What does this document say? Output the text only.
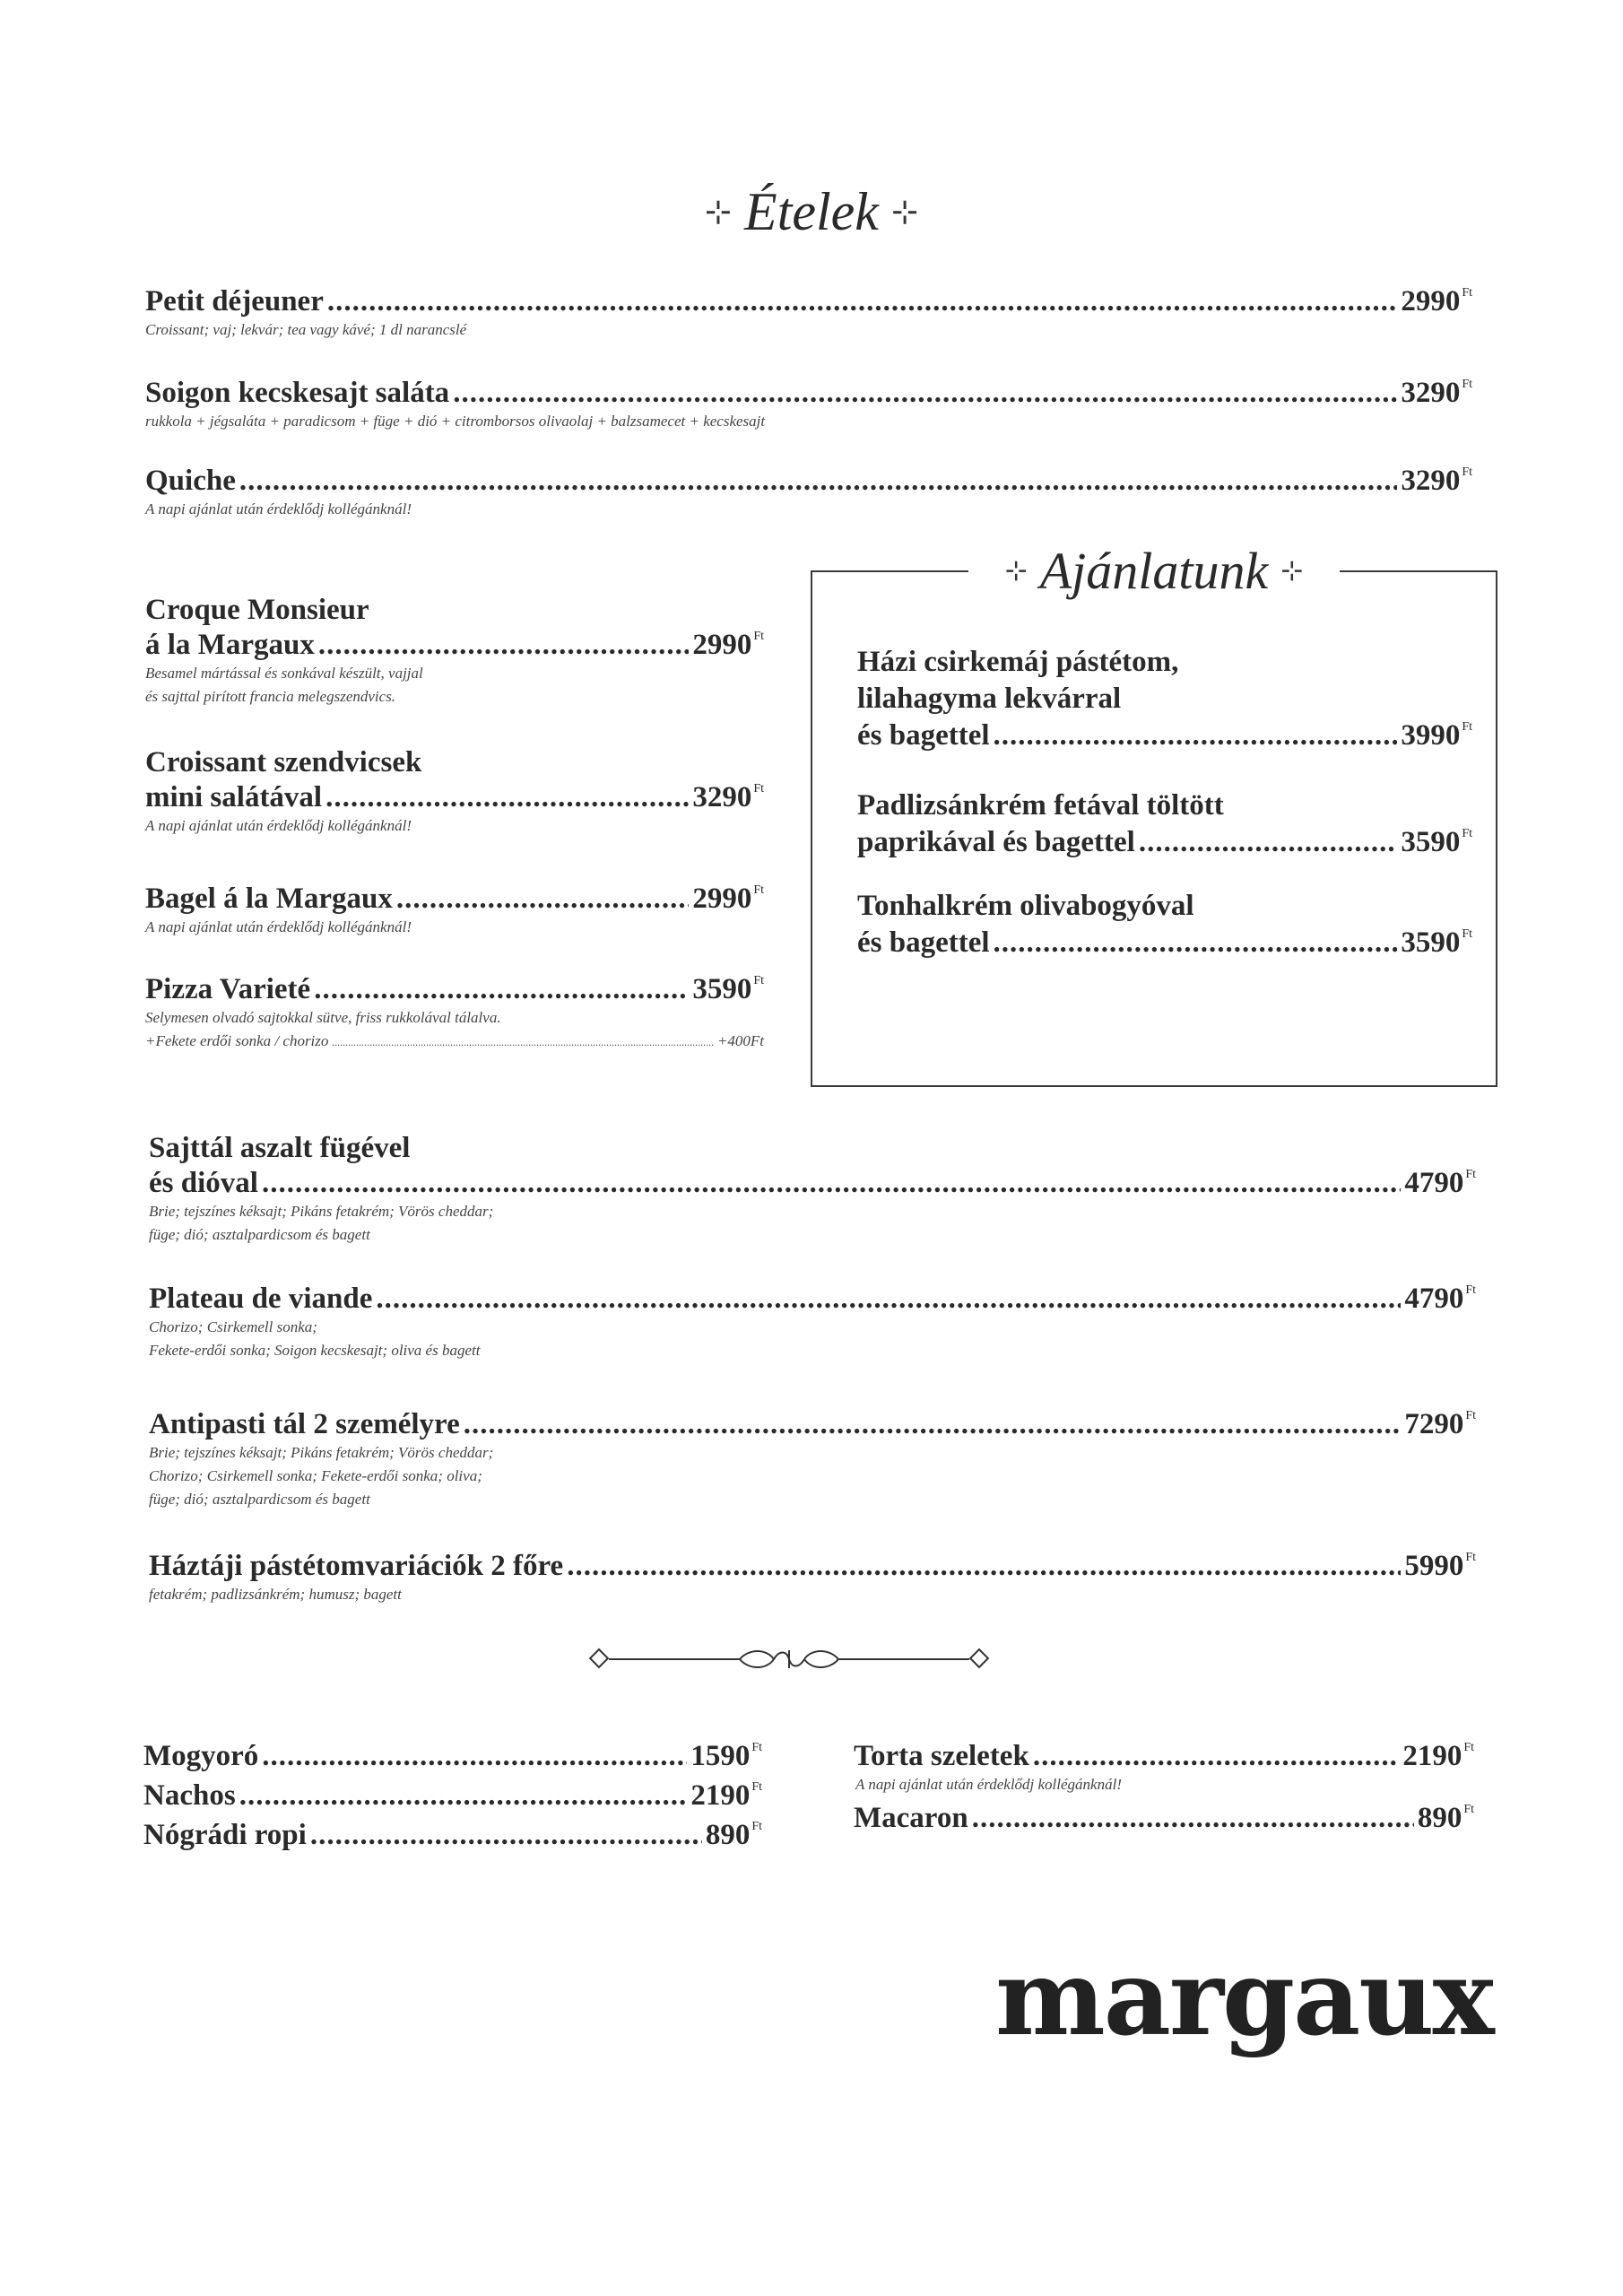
⊹ Ételek ⊹
Petit déjeuner .....	2990 $^{Ft}$
Croissant; vaj; lekvár; tea vagy kávé; 1 dl narancslé
Soigon kecskesajt saláta .....	3290 $^{Ft}$
rukkola + jégsaláta + paradicsom + füge + dió + citromborsos olivaolaj + balzsamecet + kecskesajt
Quiche .....	3290 $^{Ft}$
A napi ajánlat után érdeklődj kollégánknál!
Croque Monsieur
á la Margaux .....	2990 $^{Ft}$
Besamel mártással és sonkával készült, vajjal
és sajttal pirított francia melegszendvics.
Croissant szendvicsek
mini salátával .....	3290 $^{Ft}$
A napi ajánlat után érdeklődj kollégánknál!
Bagel á la Margaux .....	2990 $^{Ft}$
A napi ajánlat után érdeklődj kollégánknál!
Pizza Varieté .....	3590 $^{Ft}$
Selymesen olvadó sajtokkal sütve, friss rukkolával tálalva.
+Fekete erdői sonka / chorizo .....	+400Ft
⊹ Ajánlatunk ⊹
Házi csirkemáj pástétom,
lilahagyma lekvárral
és bagettel .....	3990 $^{Ft}$
Padlizsánkrém fetával töltött
paprikával és bagettel .....	3590 $^{Ft}$
Tonhalkrém olivabogyóval
és bagettel .....	3590 $^{Ft}$
Sajttál aszalt fügével
és dióval .....	4790 $^{Ft}$
Brie; tejszínes kéksajt; Pikáns fetakrém; Vörös cheddar;
füge; dió; asztalpardicsom és bagett
Plateau de viande .....	4790 $^{Ft}$
Chorizo; Csirkemell sonka;
Fekete-erdői sonka; Soigon kecskesajt; oliva és bagett
Antipasti tál 2 személyre .....	7290 $^{Ft}$
Brie; tejszínes kéksajt; Pikáns fetakrém; Vörös cheddar;
Chorizo; Csirkemell sonka; Fekete-erdői sonka; oliva;
füge; dió; asztalpardicsom és bagett
Háztáji pástétomvariációk 2 főre .....	5990 $^{Ft}$
fetakrém; padlizsánkrém; humusz; bagett
Mogyoró .....	1590 $^{Ft}$
Nachos .....	2190 $^{Ft}$
Nógrádi ropi .....	890 $^{Ft}$
Torta szeletek .....	2190 $^{Ft}$
A napi ajánlat után érdeklődj kollégánknál!
Macaron .....	890 $^{Ft}$
margaux
